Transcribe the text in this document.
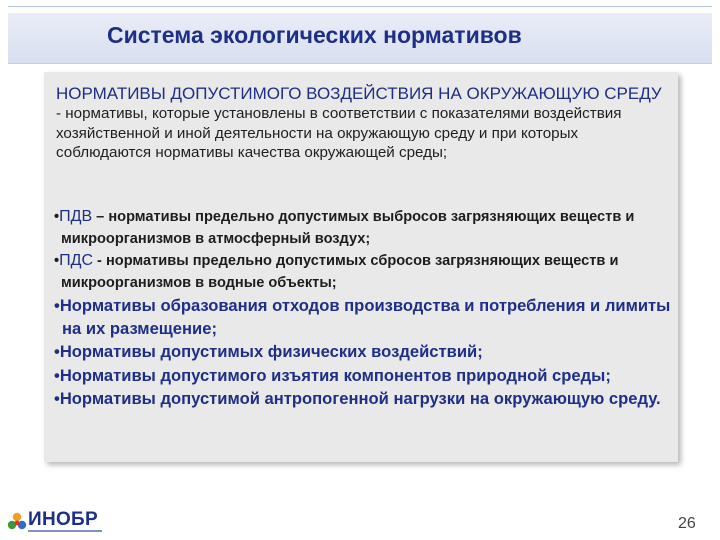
Система экологических нормативов

НОРМАТИВЫ ДОПУСТИМОГО ВОЗДЕЙСТВИЯ НА ОКРУЖАЮЩУЮ СРЕДУ - нормативы, которые установлены в соответствии с показателями воздействия хозяйственной и иной деятельности на окружающую среду и при которых соблюдаются нормативы качества окружающей среды;

•ПДВ – нормативы предельно допустимых выбросов загрязняющих веществ и микроорганизмов в атмосферный воздух;
•ПДС - нормативы предельно допустимых сбросов загрязняющих веществ и микроорганизмов в водные объекты;
•Нормативы образования отходов производства и потребления и лимиты на их размещение;
•Нормативы допустимых физических воздействий;
•Нормативы допустимого изъятия компонентов природной среды;
•Нормативы допустимой антропогенной нагрузки на окружающую среду.
ИНОБР	26
